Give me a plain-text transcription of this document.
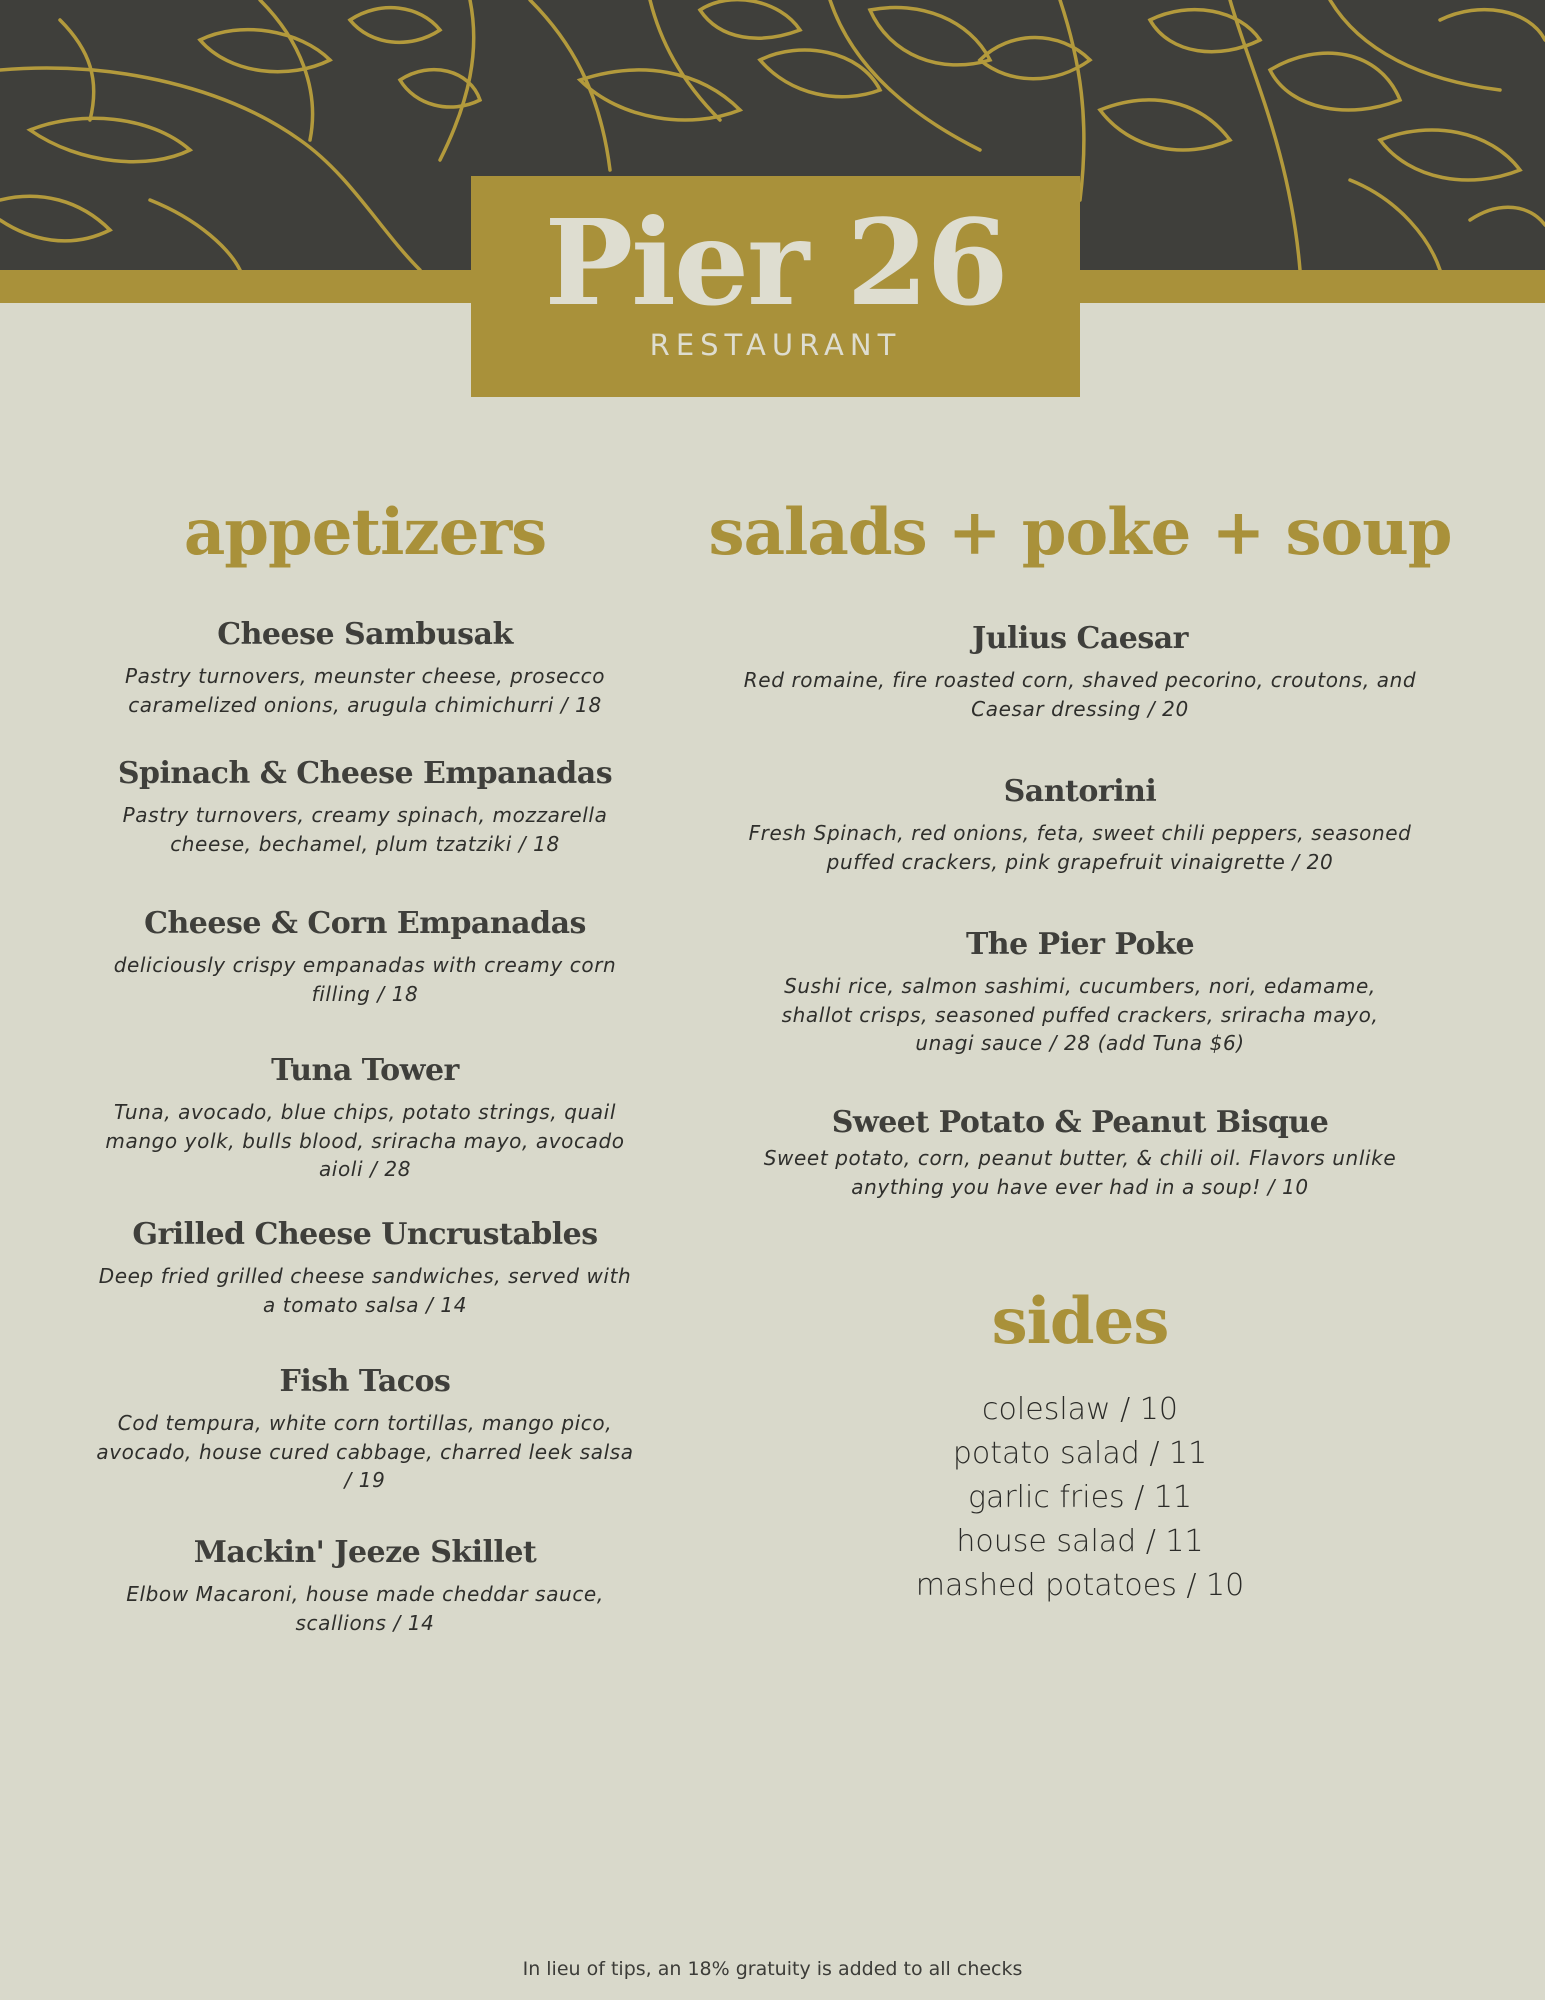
Pier 26
RESTAURANT
appetizers
Cheese Sambusak
Pastry turnovers, meunster cheese, prosecco caramelized onions, arugula chimichurri / 18
Spinach & Cheese Empanadas
Pastry turnovers, creamy spinach, mozzarella cheese, bechamel, plum tzatziki / 18
Cheese & Corn Empanadas
deliciously crispy empanadas with creamy corn filling / 18
Tuna Tower
Tuna, avocado, blue chips, potato strings, quail mango yolk, bulls blood, sriracha mayo, avocado aioli / 28
Grilled Cheese Uncrustables
Deep fried grilled cheese sandwiches, served with a tomato salsa / 14
Fish Tacos
Cod tempura, white corn tortillas, mango pico, avocado, house cured cabbage, charred leek salsa / 19
Mackin' Jeeze Skillet
Elbow Macaroni, house made cheddar sauce, scallions / 14
salads + poke + soup
Julius Caesar
Red romaine, fire roasted corn, shaved pecorino, croutons, and Caesar dressing / 20
Santorini
Fresh Spinach, red onions, feta, sweet chili peppers, seasoned puffed crackers, pink grapefruit vinaigrette / 20
The Pier Poke
Sushi rice, salmon sashimi, cucumbers, nori, edamame, shallot crisps, seasoned puffed crackers, sriracha mayo, unagi sauce / 28 (add Tuna $6)
Sweet Potato & Peanut Bisque
Sweet potato, corn, peanut butter, & chili oil. Flavors unlike anything you have ever had in a soup! / 10
sides
coleslaw / 10
potato salad / 11
garlic fries / 11
house salad / 11
mashed potatoes / 10
In lieu of tips, an 18% gratuity is added to all checks
